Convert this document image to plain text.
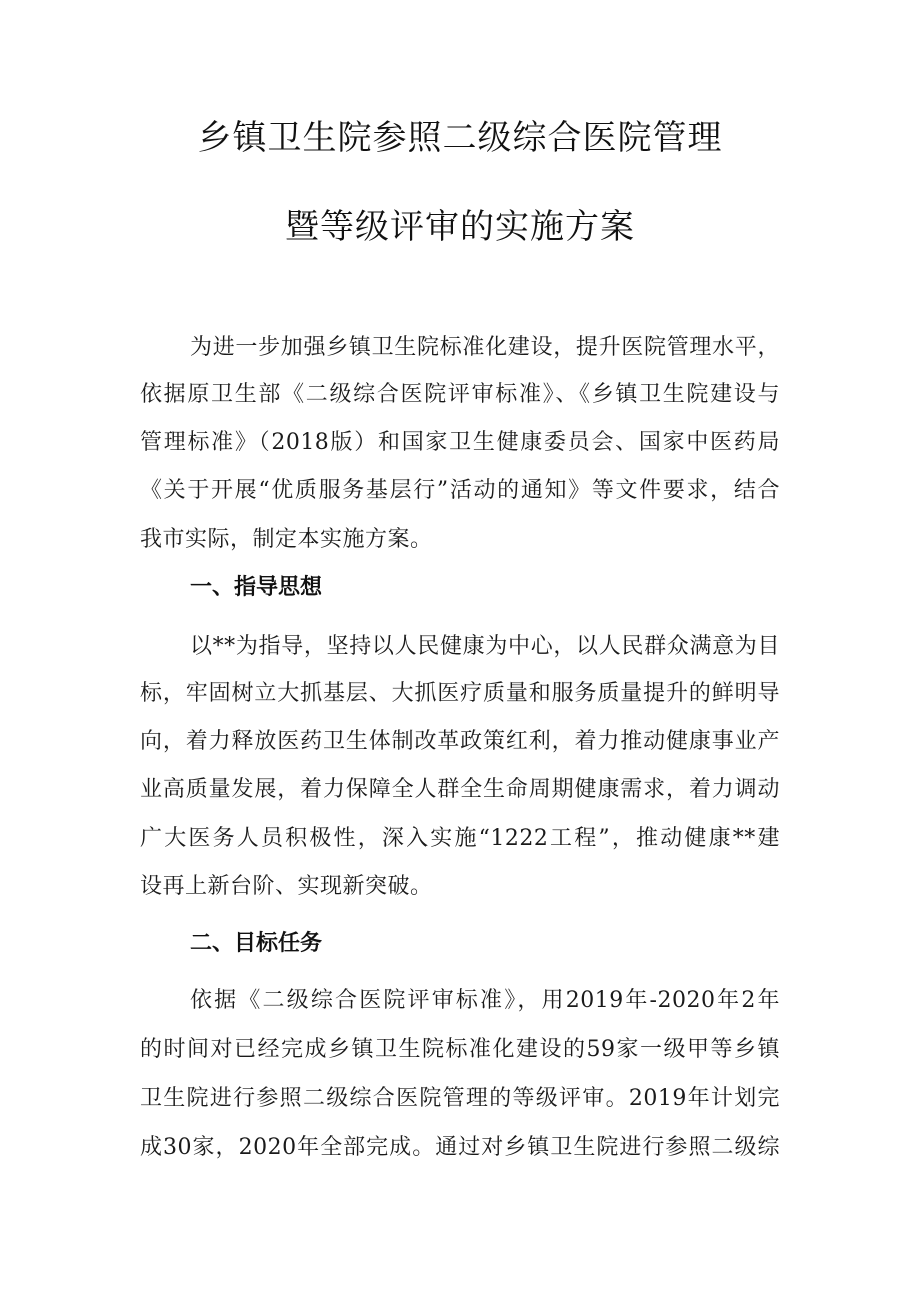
乡镇卫生院参照二级综合医院管理
暨等级评审的实施方案
为进一步加强乡镇卫生院标准化建设，提升医院管理水平，
依据原卫生部《二级综合医院评审标准》、《乡镇卫生院建设与
管理标准》（2018版）和国家卫生健康委员会、国家中医药局
《关于开展“优质服务基层行”活动的通知》等文件要求，结合
我市实际，制定本实施方案。
一、指导思想
以**为指导，坚持以人民健康为中心，以人民群众满意为目
标，牢固树立大抓基层、大抓医疗质量和服务质量提升的鲜明导
向，着力释放医药卫生体制改革政策红利，着力推动健康事业产
业高质量发展，着力保障全人群全生命周期健康需求，着力调动
广大医务人员积极性，深入实施“1222工程”，推动健康**建
设再上新台阶、实现新突破。
二、目标任务
依据《二级综合医院评审标准》，用2019年-2020年2年
的时间对已经完成乡镇卫生院标准化建设的59家一级甲等乡镇
卫生院进行参照二级综合医院管理的等级评审。2019年计划完
成30家，2020年全部完成。通过对乡镇卫生院进行参照二级综
